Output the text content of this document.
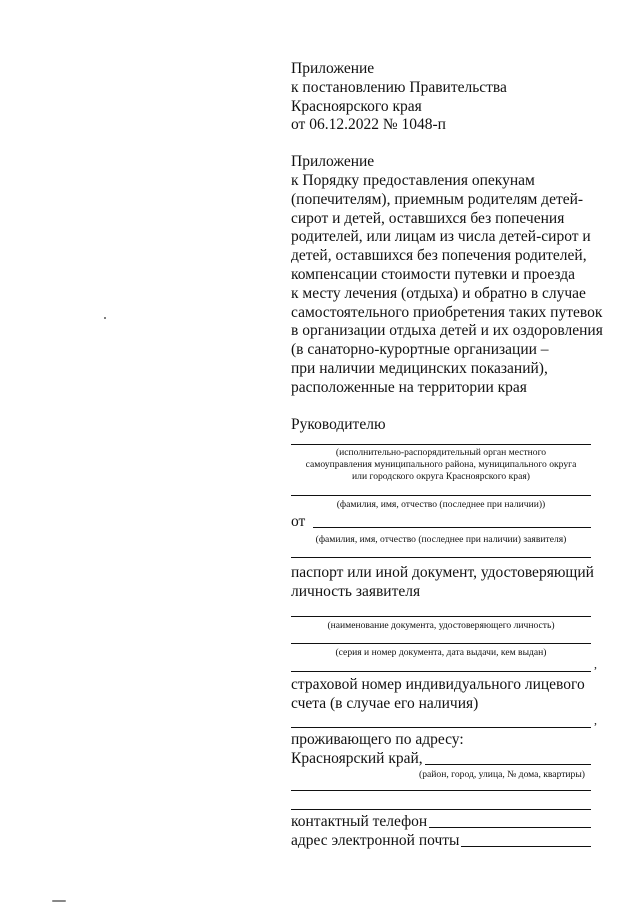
Приложение
к постановлению Правительства
Красноярского края
от 06.12.2022 № 1048-п
Приложение
к Порядку предоставления опекунам
(попечителям), приемным родителям детей-
сирот и детей, оставшихся без попечения
родителей, или лицам из числа детей-сирот и
детей, оставшихся без попечения родителей,
компенсации стоимости путевки и проезда
к месту лечения (отдыха) и обратно в случае
самостоятельного приобретения таких путевок
в организации отдыха детей и их оздоровления
(в санаторно-курортные организации –
при наличии медицинских показаний),
расположенные на территории края
Руководителю
(исполнительно-распорядительный орган местного
самоуправления муниципального района, муниципального округа
или городского округа Красноярского края)
(фамилия, имя, отчество (последнее при наличии))
от
(фамилия, имя, отчество (последнее при наличии) заявителя)
паспорт или иной документ, удостоверяющий
личность заявителя
(наименование документа, удостоверяющего личность)
(серия и номер документа, дата выдачи, кем выдан)
,
страховой номер индивидуального лицевого
счета (в случае его наличия)
,
проживающего по адресу:
Красноярский край,
(район, город, улица, № дома, квартиры)
контактный телефон
адрес электронной почты
